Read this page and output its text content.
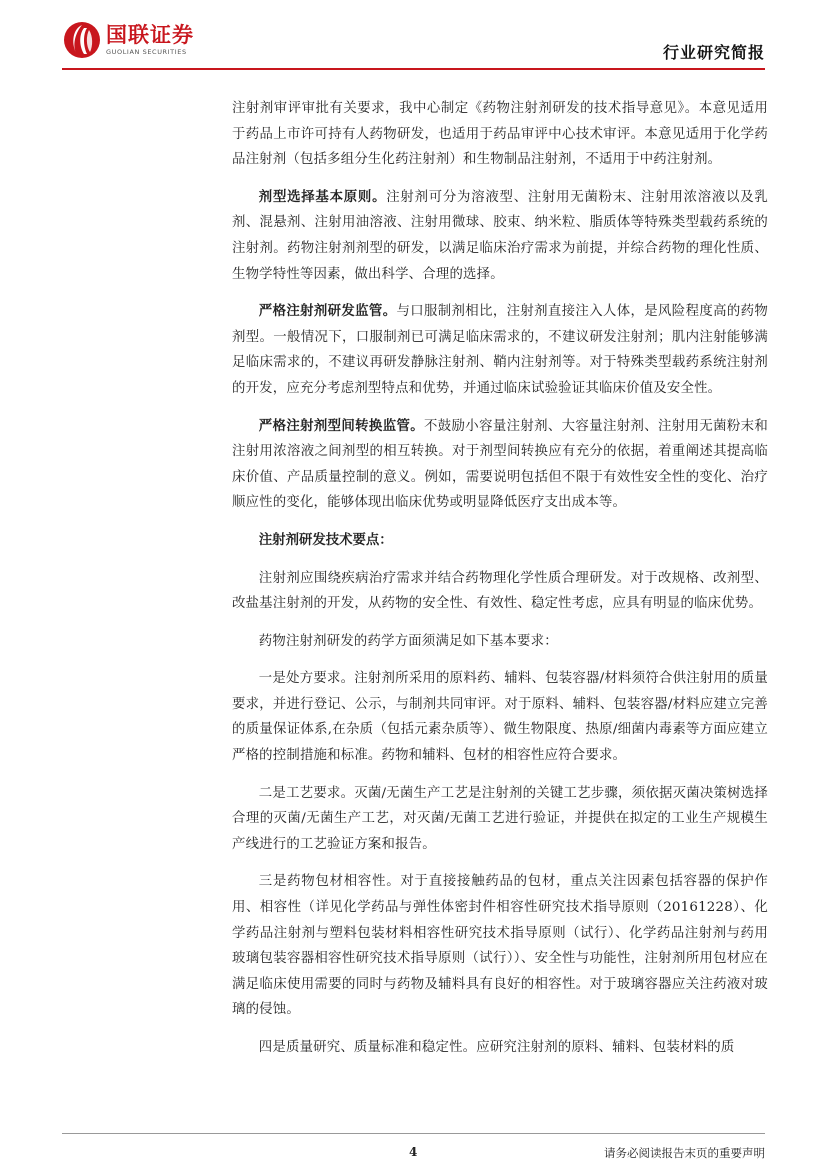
国联证券
GUOLIAN SECURITIES	行业研究简报

注射剂审评审批有关要求，我中心制定《药物注射剂研发的技术指导意见》。本意见适用于药品上市许可持有人药物研发，也适用于药品审评中心技术审评。本意见适用于化学药品注射剂（包括多组分生化药注射剂）和生物制品注射剂，不适用于中药注射剂。

剂型选择基本原则。注射剂可分为溶液型、注射用无菌粉末、注射用浓溶液以及乳剂、混悬剂、注射用油溶液、注射用微球、胶束、纳米粒、脂质体等特殊类型载药系统的注射剂。药物注射剂剂型的研发，以满足临床治疗需求为前提，并综合药物的理化性质、生物学特性等因素，做出科学、合理的选择。

严格注射剂研发监管。与口服制剂相比，注射剂直接注入人体，是风险程度高的药物剂型。一般情况下，口服制剂已可满足临床需求的，不建议研发注射剂；肌内注射能够满足临床需求的，不建议再研发静脉注射剂、鞘内注射剂等。对于特殊类型载药系统注射剂的开发，应充分考虑剂型特点和优势，并通过临床试验验证其临床价值及安全性。

严格注射剂型间转换监管。不鼓励小容量注射剂、大容量注射剂、注射用无菌粉末和注射用浓溶液之间剂型的相互转换。对于剂型间转换应有充分的依据，着重阐述其提高临床价值、产品质量控制的意义。例如，需要说明包括但不限于有效性安全性的变化、治疗顺应性的变化，能够体现出临床优势或明显降低医疗支出成本等。

注射剂研发技术要点：

注射剂应围绕疾病治疗需求并结合药物理化学性质合理研发。对于改规格、改剂型、改盐基注射剂的开发，从药物的安全性、有效性、稳定性考虑，应具有明显的临床优势。

药物注射剂研发的药学方面须满足如下基本要求：

一是处方要求。注射剂所采用的原料药、辅料、包装容器/材料须符合供注射用的质量要求，并进行登记、公示，与制剂共同审评。对于原料、辅料、包装容器/材料应建立完善的质量保证体系,在杂质（包括元素杂质等）、微生物限度、热原/细菌内毒素等方面应建立严格的控制措施和标准。药物和辅料、包材的相容性应符合要求。

二是工艺要求。灭菌/无菌生产工艺是注射剂的关键工艺步骤，须依据灭菌决策树选择合理的灭菌/无菌生产工艺，对灭菌/无菌工艺进行验证，并提供在拟定的工业生产规模生产线进行的工艺验证方案和报告。

三是药物包材相容性。对于直接接触药品的包材，重点关注因素包括容器的保护作用、相容性（详见化学药品与弹性体密封件相容性研究技术指导原则（20161228）、化学药品注射剂与塑料包装材料相容性研究技术指导原则（试行）、化学药品注射剂与药用玻璃包装容器相容性研究技术指导原则（试行））、安全性与功能性，注射剂所用包材应在满足临床使用需要的同时与药物及辅料具有良好的相容性。对于玻璃容器应关注药液对玻璃的侵蚀。

四是质量研究、质量标准和稳定性。应研究注射剂的原料、辅料、包装材料的质

4	请务必阅读报告末页的重要声明
